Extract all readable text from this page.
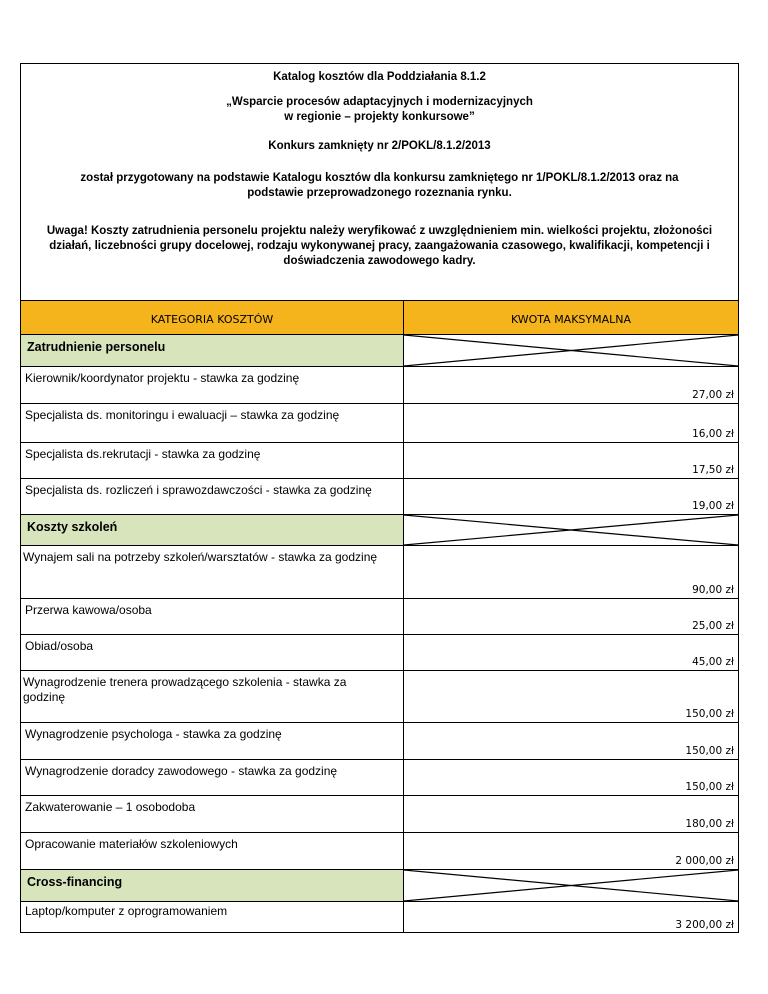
Katalog kosztów dla Poddziałania 8.1.2

„Wsparcie procesów adaptacyjnych i modernizacyjnych

w regionie – projekty konkursowe”

Konkurs zamknięty nr 2/POKL/8.1.2/2013

został przygotowany na podstawie Katalogu kosztów dla konkursu zamkniętego nr 1/POKL/8.1.2/2013 oraz na podstawie przeprowadzonego rozeznania rynku.

Uwaga! Koszty zatrudnienia personelu projektu należy weryfikować z uwzględnieniem min. wielkości projektu, złożoności działań, liczebności grupy docelowej, rodzaju wykonywanej pracy, zaangażowania czasowego, kwalifikacji, kompetencji i doświadczenia zawodowego kadry.

KATEGORIA KOSZTÓW	KWOTA MAKSYMALNA
Zatrudnienie personelu
Kierownik/koordynator projektu - stawka za godzinę
27,00 zł
Specjalista ds. monitoringu i ewaluacji – stawka za godzinę
16,00 zł
Specjalista ds.rekrutacji - stawka za godzinę
17,50 zł
Specjalista ds. rozliczeń i sprawozdawczości - stawka za godzinę
19,00 zł
Koszty szkoleń
Wynajem sali na potrzeby szkoleń/warsztatów - stawka za godzinę
90,00 zł
Przerwa kawowa/osoba
25,00 zł
Obiad/osoba
45,00 zł
Wynagrodzenie trenera prowadzącego szkolenia - stawka za godzinę
150,00 zł
Wynagrodzenie psychologa - stawka za godzinę
150,00 zł
Wynagrodzenie doradcy zawodowego - stawka za godzinę
150,00 zł
Zakwaterowanie – 1 osobodoba
180,00 zł
Opracowanie materiałów szkoleniowych
2 000,00 zł
Cross-financing
Laptop/komputer z oprogramowaniem
3 200,00 zł
